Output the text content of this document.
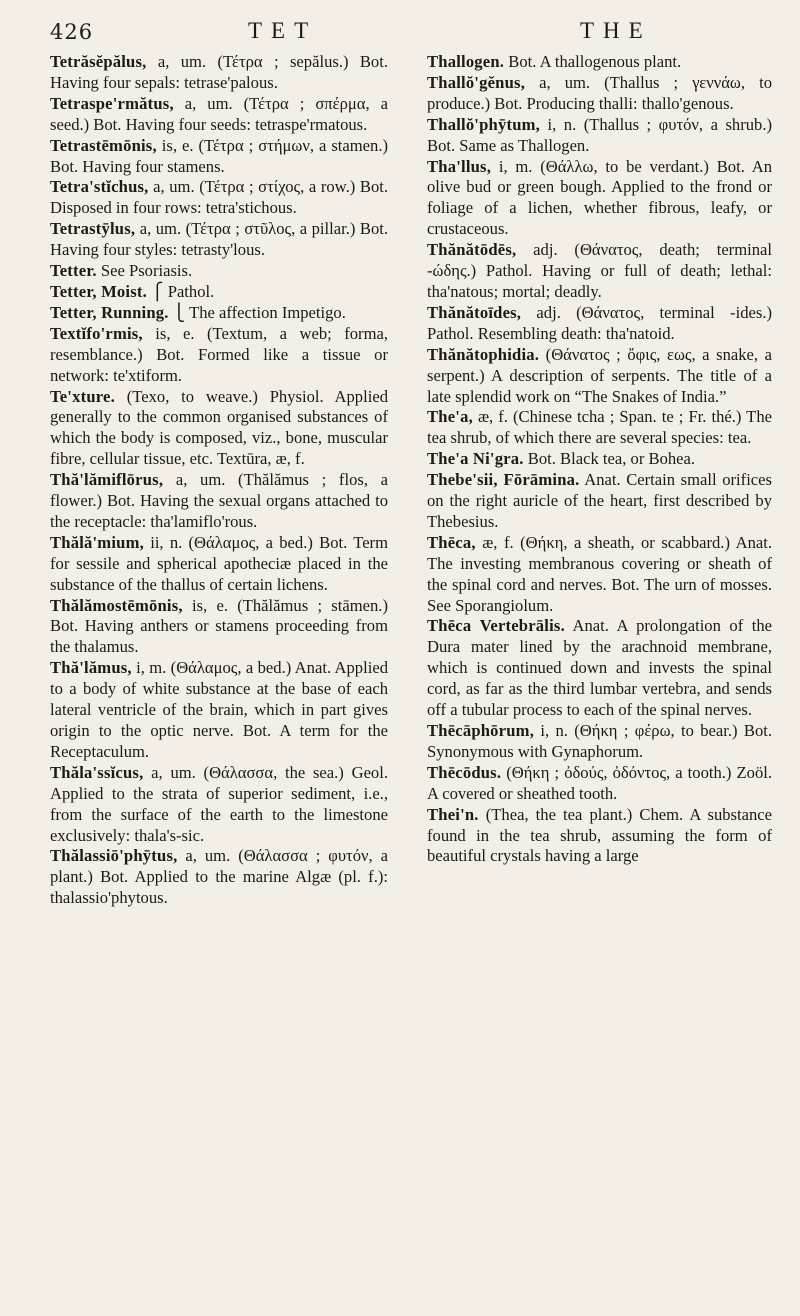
426	TET	THE

Tetrăsĕpălus, a, um. (Τέτρα ; sepălus.) Bot. Having four sepals: tetrase'palous.

Tetraspe'rmătus, a, um. (Τέτρα ; σπέρμα, a seed.) Bot. Having four seeds: tetraspe'rmatous.

Tetrastēmōnis, is, e. (Τέτρα ; στήμων, a stamen.) Bot. Having four stamens.

Tetra'stĭchus, a, um. (Τέτρα ; στίχος, a row.) Bot. Disposed in four rows: tetra'stichous.

Tetrastȳlus, a, um. (Τέτρα ; στῦλος, a pillar.) Bot. Having four styles: tetrasty'lous.

Tetter. See Psoriasis.

Tetter, Moist. ⎧ Pathol.

Tetter, Running. ⎩ The affection Impetigo.

Textĭfo'rmis, is, e. (Textum, a web; forma, resemblance.) Bot. Formed like a tissue or network: te'xtiform.

Te'xture. (Texo, to weave.) Physiol. Applied generally to the common organised substances of which the body is composed, viz., bone, muscular fibre, cellular tissue, etc. Textūra, æ, f.

Thă'lămiflōrus, a, um. (Thălămus ; flos, a flower.) Bot. Having the sexual organs attached to the receptacle: tha'lamiflo'rous.

Thălă'mium, ii, n. (Θάλαμος, a bed.) Bot. Term for sessile and spherical apotheciæ placed in the substance of the thallus of certain lichens.

Thălămostēmōnis, is, e. (Thălămus ; stāmen.) Bot. Having anthers or stamens proceeding from the thalamus.

Thă'lămus, i, m. (Θάλαμος, a bed.) Anat. Applied to a body of white substance at the base of each lateral ventricle of the brain, which in part gives origin to the optic nerve. Bot. A term for the Receptaculum.

Thăla'ssĭcus, a, um. (Θάλασσα, the sea.) Geol. Applied to the strata of superior sediment, i.e., from the surface of the earth to the limestone exclusively: thala's-sic.

Thălassiō'phȳtus, a, um. (Θάλασσα ; φυτόν, a plant.) Bot. Applied to the marine Algæ (pl. f.): thalassio'phytous.

Thallogen. Bot. A thallogenous plant.

Thallŏ'gĕnus, a, um. (Thallus ; γεννάω, to produce.) Bot. Producing thalli: thallo'genous.

Thallŏ'phȳtum, i, n. (Thallus ; φυτόν, a shrub.) Bot. Same as Thallogen.

Tha'llus, i, m. (Θάλλω, to be verdant.) Bot. An olive bud or green bough. Applied to the frond or foliage of a lichen, whether fibrous, leafy, or crustaceous.

Thănătōdēs, adj. (Θάνατος, death; terminal -ώδης.) Pathol. Having or full of death; lethal: tha'natous; mortal; deadly.

Thănătoīdes, adj. (Θάνατος, terminal -ides.) Pathol. Resembling death: tha'natoid.

Thănătophidia. (Θάνατος ; ὄφις, εως, a snake, a serpent.) A description of serpents. The title of a late splendid work on “The Snakes of India.”

The'a, æ, f. (Chinese tcha ; Span. te ; Fr. thé.) The tea shrub, of which there are several species: tea.

The'a Ni'gra. Bot. Black tea, or Bohea.

Thebe'sii, Fōrāmina. Anat. Certain small orifices on the right auricle of the heart, first described by Thebesius.

Thēca, æ, f. (Θήκη, a sheath, or scabbard.) Anat. The investing membranous covering or sheath of the spinal cord and nerves. Bot. The urn of mosses. See Sporangiolum.

Thēca Vertebrālis. Anat. A prolongation of the Dura mater lined by the arachnoid membrane, which is continued down and invests the spinal cord, as far as the third lumbar vertebra, and sends off a tubular process to each of the spinal nerves.

Thēcāphōrum, i, n. (Θήκη ; φέρω, to bear.) Bot. Synonymous with Gynaphorum.

Thēcōdus. (Θήκη ; ὀδούς, ὀδόντος, a tooth.) Zoöl. A covered or sheathed tooth.

Thei'n. (Thea, the tea plant.) Chem. A substance found in the tea shrub, assuming the form of beautiful crystals having a large
